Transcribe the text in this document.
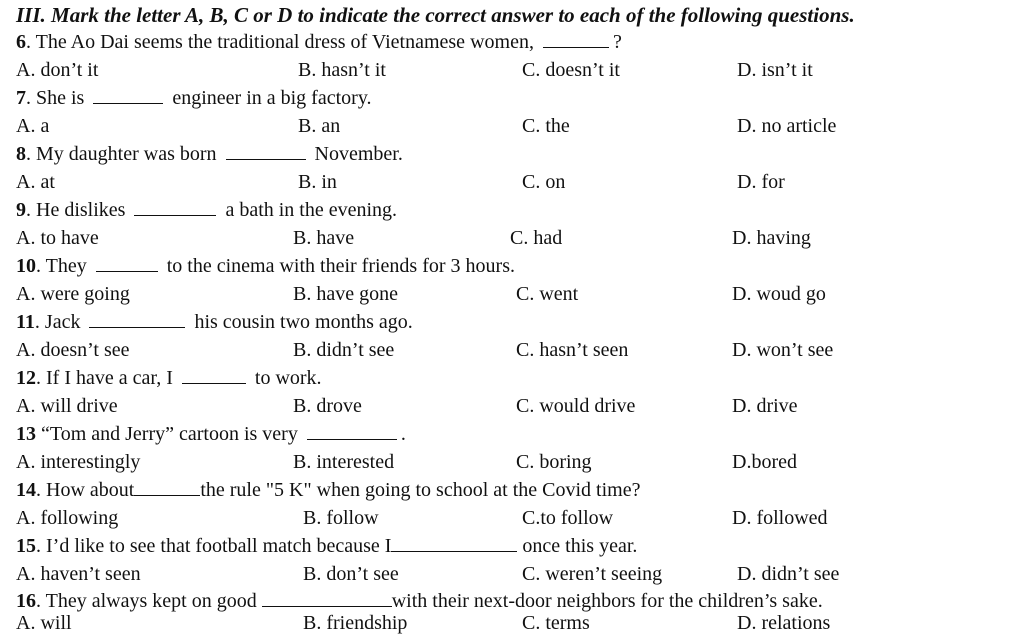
III. Mark the letter A, B, C or D to indicate the correct answer to each of the following questions.
6. The Ao Dai seems the traditional dress of Vietnamese women,	?
A. don’t it	B. hasn’t it	C. doesn’t it	D. isn’t it
7. She is	engineer in a big factory.
A. a	B. an	C. the	D. no article
8. My daughter was born	November.
A. at	B. in	C. on	D. for
9. He dislikes	a bath in the evening.
A. to have	B. have	C. had	D. having
10. They	to the cinema with their friends for 3 hours.
A. were going	B. have gone	C. went	D. woud go
11. Jack	his cousin two months ago.
A. doesn’t see	B. didn’t see	C. hasn’t seen	D. won’t see
12. If I have a car, I	to work.
A. will drive	B. drove	C. would drive	D. drive
13 “Tom and Jerry” cartoon is very	.
A. interestingly	B. interested	C. boring	D.bored
14. How about	the rule "5 K" when going to school at the Covid time?
A. following	B. follow	C.to follow	D. followed
15. I’d like to see that football match because I	once this year.
A. haven’t seen	B. don’t see	C. weren’t seeing	D. didn’t see
16. They always kept on good	with their next-door neighbors for the children’s sake.
A. will	B. friendship	C. terms	D. relations
